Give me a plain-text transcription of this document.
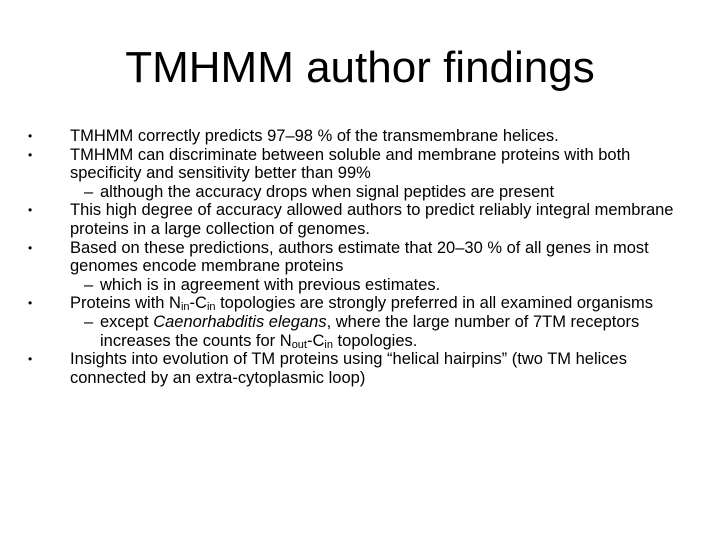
TMHMM author findings
• TMHMM correctly predicts 97–98 % of the transmembrane helices.
• TMHMM can discriminate between soluble and membrane proteins with both specificity and sensitivity better than 99%
– although the accuracy drops when signal peptides are present
• This high degree of accuracy allowed authors to predict reliably integral membrane proteins in a large collection of genomes.
• Based on these predictions, authors estimate that 20–30 % of all genes in most genomes encode membrane proteins
– which is in agreement with previous estimates.
• Proteins with $N_{in}-C_{in}$ topologies are strongly preferred in all examined organisms
– except Caenorhabditis elegans, where the large number of 7TM receptors increases the counts for $N_{out}-C_{in}$ topologies.
• Insights into evolution of TM proteins using “helical hairpins” (two TM helices connected by an extra-cytoplasmic loop)
